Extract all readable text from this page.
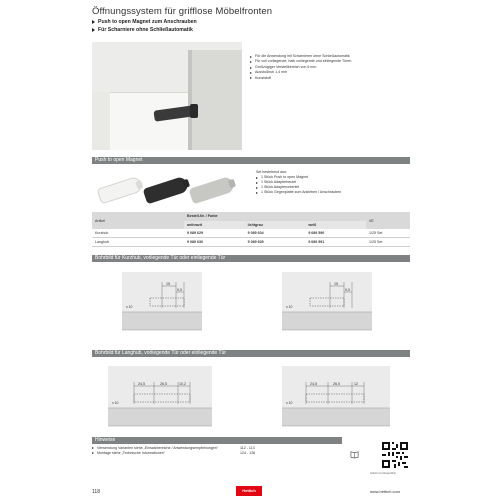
Öffnungssystem für grifflose Möbelfronten
Push to open Magnet zum Anschrauben
Für Scharniere ohne Schließautomatik
Für die Anwendung mit Scharnieren ohne Schließautomatik
Für voll vorliegende, halb vorliegende und einliegende Türen
Großzügiger Verstellbereich von 6 mm
Ausstoßhub 1,4 mm
Kunststoff
Push to open Magnet
Set bestehend aus:
1 Stück Push to open Magnet
1 Stück Adapterbeutel
1 Stück Adapterunterteil
1 Stück Gegenplatte zum Ankleben / Anschrauben
Artikel	Bestell-Nr. / Farbe			VE
	anthrazit	lichtgrau	weiß	
Kurzhub	9 089 629	9 089 604	9 089 590	1/25 Set
Langhub	9 089 630	9 089 605	9 089 591	1/25 Set
Bohrbild für Kurzhub, vorliegende Tür oder einliegende Tür
15
9,5
x 10
15
9,5
x 10
Bohrbild für Langhub, vorliegende Tür oder einliegende Tür
24,5	26,5	10,2
x 10
24,5	26,5	12
x 10
Hinweise
Verwendung Varianten siehe „Einsatzbereiche / Anwendungsempfehlungen“	112 - 113
Montage siehe „Technische Informationen“	124 - 126
hettich.com/kassel/link
118	Hettich	www.hettich.com
